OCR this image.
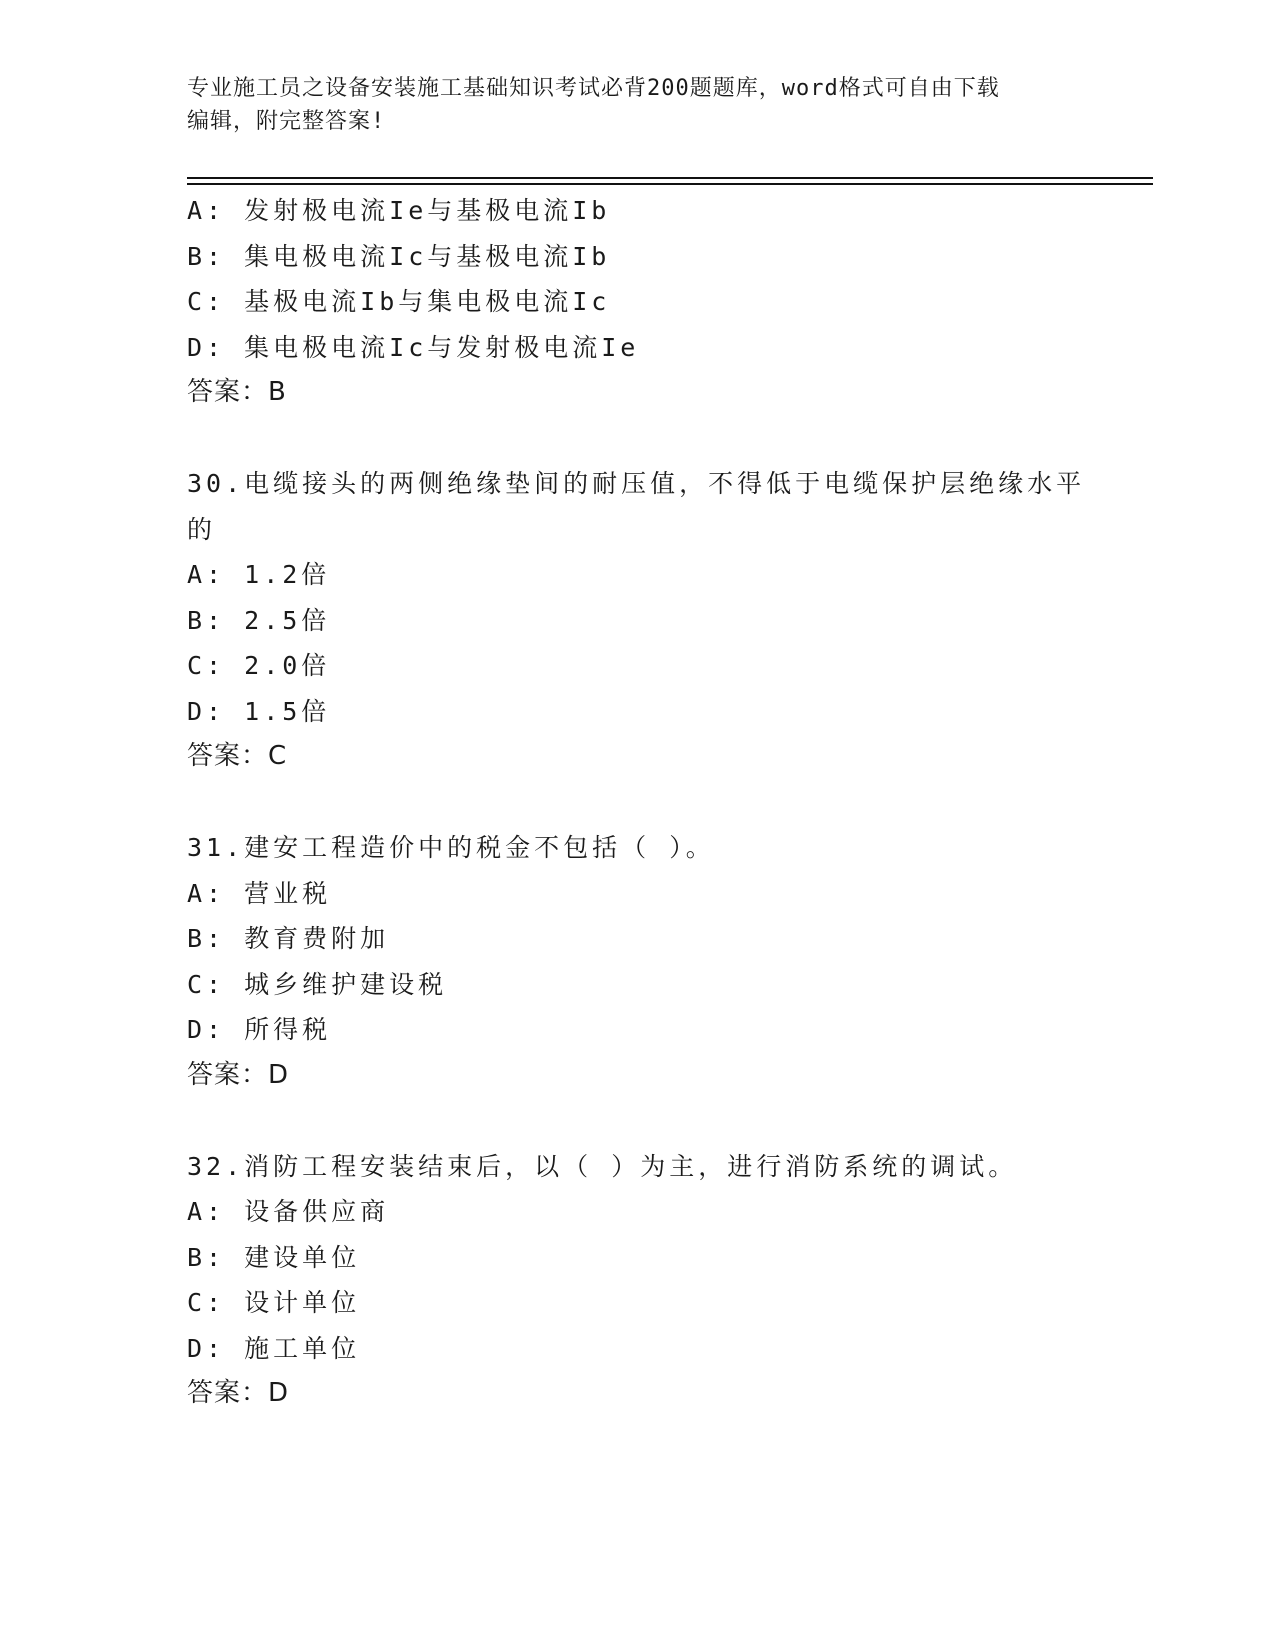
专业施工员之设备安装施工基础知识考试必背200题题库，word格式可自由下载
编辑，附完整答案!
A: 发射极电流Ie与基极电流Ib
B: 集电极电流Ic与基极电流Ib
C: 基极电流Ib与集电极电流Ic
D: 集电极电流Ic与发射极电流Ie
答案：B
30.电缆接头的两侧绝缘垫间的耐压值，不得低于电缆保护层绝缘水平
的
A: 1.2倍
B: 2.5倍
C: 2.0倍
D: 1.5倍
答案：C
31.建安工程造价中的税金不包括（ ）。
A: 营业税
B: 教育费附加
C: 城乡维护建设税
D: 所得税
答案：D
32.消防工程安装结束后，以（ ）为主，进行消防系统的调试。
A: 设备供应商
B: 建设单位
C: 设计单位
D: 施工单位
答案：D
